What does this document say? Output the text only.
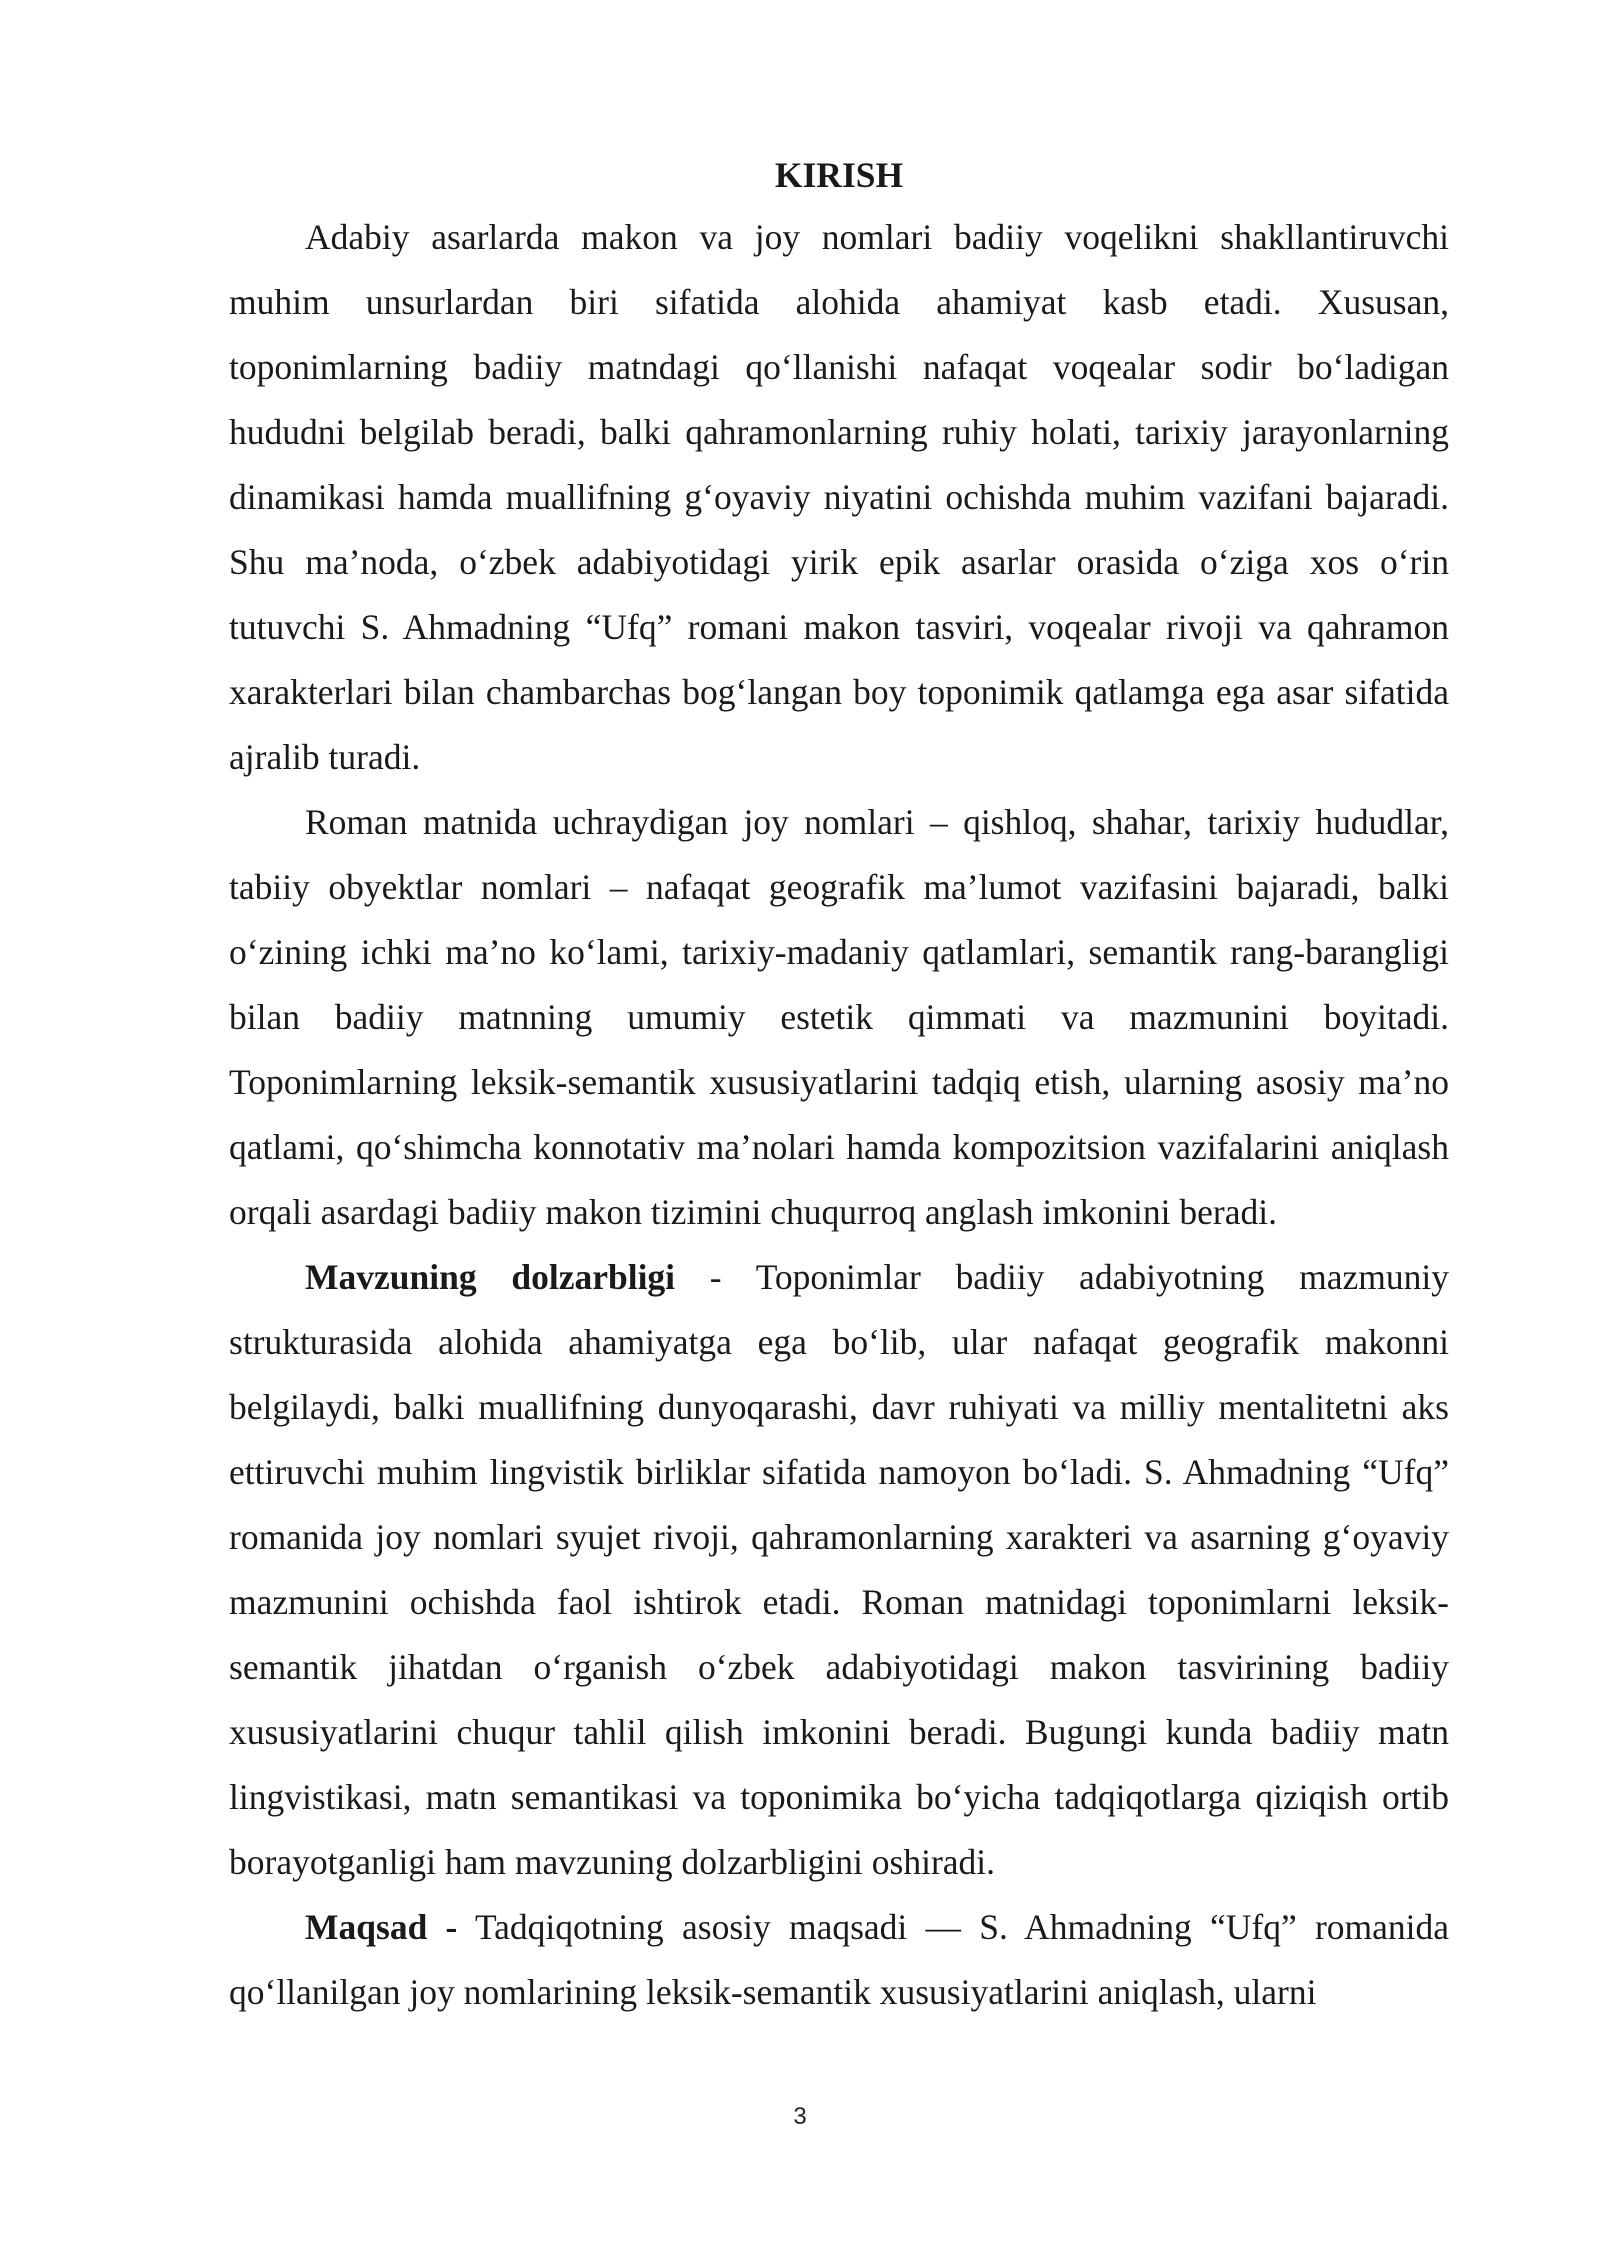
KIRISH

Adabiy asarlarda makon va joy nomlari badiiy voqelikni shakllantiruvchi muhim unsurlardan biri sifatida alohida ahamiyat kasb etadi. Xususan, toponimlarning badiiy matndagi qo‘llanishi nafaqat voqealar sodir bo‘ladigan hududni belgilab beradi, balki qahramonlarning ruhiy holati, tarixiy jarayonlarning dinamikasi hamda muallifning g‘oyaviy niyatini ochishda muhim vazifani bajaradi. Shu ma’noda, o‘zbek adabiyotidagi yirik epik asarlar orasida o‘ziga xos o‘rin tutuvchi S. Ahmadning “Ufq” romani makon tasviri, voqealar rivoji va qahramon xarakterlari bilan chambarchas bog‘langan boy toponimik qatlamga ega asar sifatida ajralib turadi.

Roman matnida uchraydigan joy nomlari – qishloq, shahar, tarixiy hududlar, tabiiy obyektlar nomlari – nafaqat geografik ma’lumot vazifasini bajaradi, balki o‘zining ichki ma’no ko‘lami, tarixiy-madaniy qatlamlari, semantik rang-barangligi bilan badiiy matnning umumiy estetik qimmati va mazmunini boyitadi. Toponimlarning leksik-semantik xususiyatlarini tadqiq etish, ularning asosiy ma’no qatlami, qo‘shimcha konnotativ ma’nolari hamda kompozitsion vazifalarini aniqlash orqali asardagi badiiy makon tizimini chuqurroq anglash imkonini beradi.

Mavzuning dolzarbligi - Toponimlar badiiy adabiyotning mazmuniy strukturasida alohida ahamiyatga ega bo‘lib, ular nafaqat geografik makonni belgilaydi, balki muallifning dunyoqarashi, davr ruhiyati va milliy mentalitetni aks ettiruvchi muhim lingvistik birliklar sifatida namoyon bo‘ladi. S. Ahmadning “Ufq” romanida joy nomlari syujet rivoji, qahramonlarning xarakteri va asarning g‘oyaviy mazmunini ochishda faol ishtirok etadi. Roman matnidagi toponimlarni leksik-semantik jihatdan o‘rganish o‘zbek adabiyotidagi makon tasvirining badiiy xususiyatlarini chuqur tahlil qilish imkonini beradi. Bugungi kunda badiiy matn lingvistikasi, matn semantikasi va toponimika bo‘yicha tadqiqotlarga qiziqish ortib borayotganligi ham mavzuning dolzarbligini oshiradi.

Maqsad - Tadqiqotning asosiy maqsadi — S. Ahmadning “Ufq” romanida qo‘llanilgan joy nomlarining leksik-semantik xususiyatlarini aniqlash, ularni

3
